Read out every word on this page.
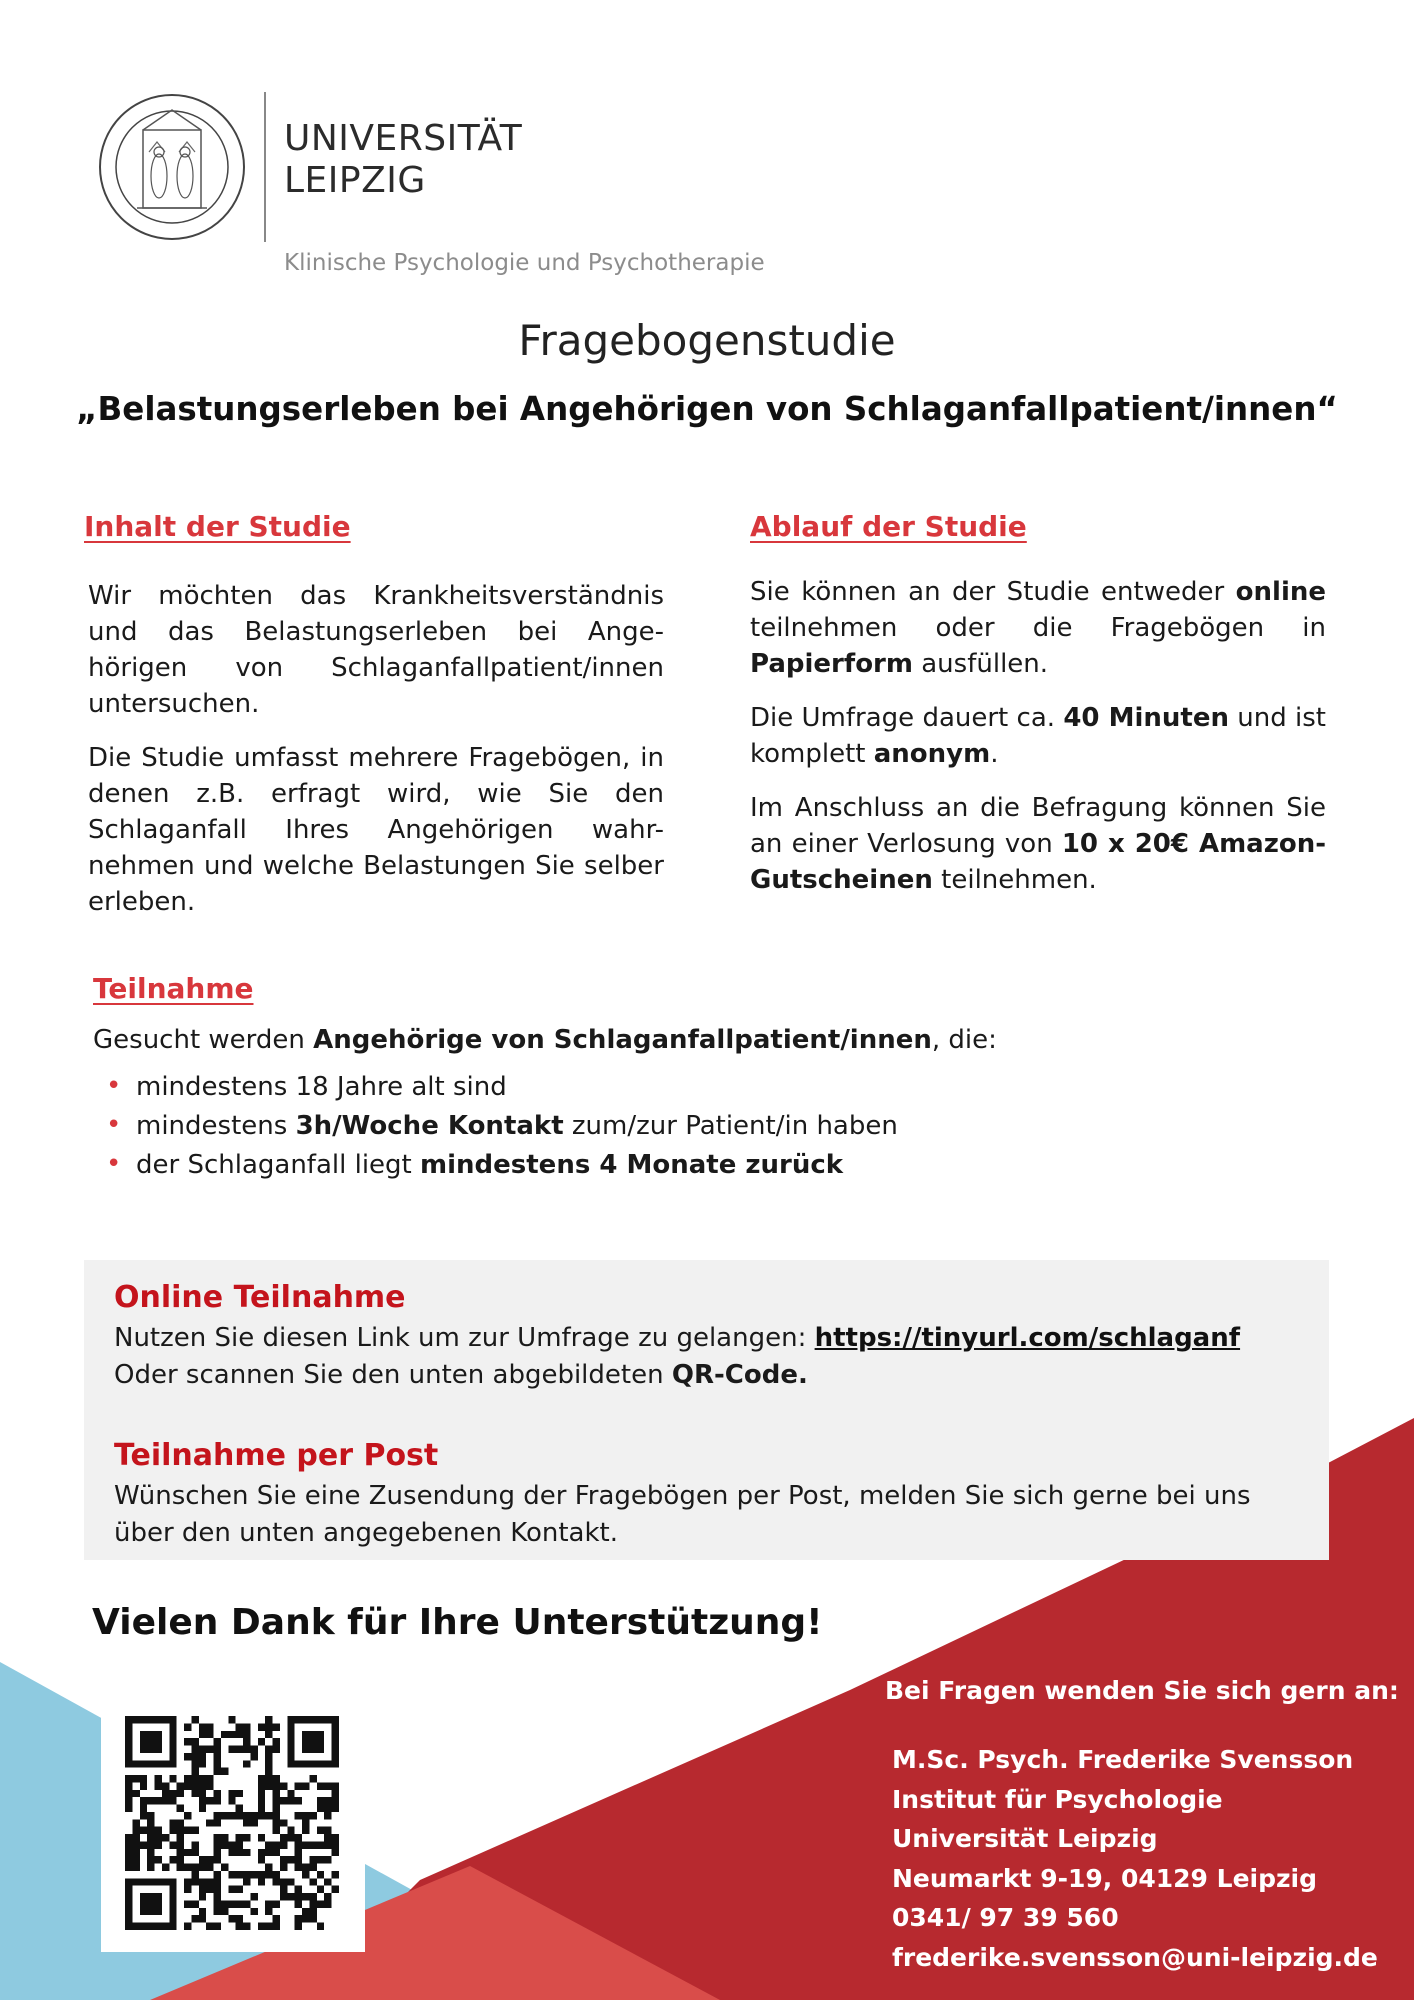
UNIVERSITÄT
LEIPZIG
Klinische Psychologie und Psychotherapie
Fragebogenstudie
„Belastungserleben bei Angehörigen von Schlaganfallpatient/innen“
Inhalt der Studie

Wir möchten das Krankheitsverständnis und das Belastungserleben bei Ange-hörigen von Schlaganfallpatient/innen untersuchen.

Die Studie umfasst mehrere Fragebögen, in denen z.B. erfragt wird, wie Sie den Schlaganfall Ihres Angehörigen wahr-nehmen und welche Belastungen Sie selber erleben.

Ablauf der Studie

Sie können an der Studie entweder online teilnehmen oder die Fragebögen in Papierform ausfüllen.

Die Umfrage dauert ca. 40 Minuten und ist komplett anonym.

Im Anschluss an die Befragung können Sie an einer Verlosung von 10 x 20€ Amazon-Gutscheinen teilnehmen.

Teilnahme
Gesucht werden Angehörige von Schlaganfallpatient/innen, die:
• mindestens 18 Jahre alt sind
• mindestens 3h/Woche Kontakt zum/zur Patient/in haben
• der Schlaganfall liegt mindestens 4 Monate zurück
Online Teilnahme
Nutzen Sie diesen Link um zur Umfrage zu gelangen: https://tinyurl.com/schlaganf
Oder scannen Sie den unten abgebildeten QR-Code.
Teilnahme per Post
Wünschen Sie eine Zusendung der Fragebögen per Post, melden Sie sich gerne bei uns über den unten angegebenen Kontakt.
Vielen Dank für Ihre Unterstützung!
Bei Fragen wenden Sie sich gern an:
M.Sc. Psych. Frederike Svensson
Institut für Psychologie
Universität Leipzig
Neumarkt 9-19, 04129 Leipzig
0341/ 97 39 560
frederike.svensson@uni-leipzig.de
